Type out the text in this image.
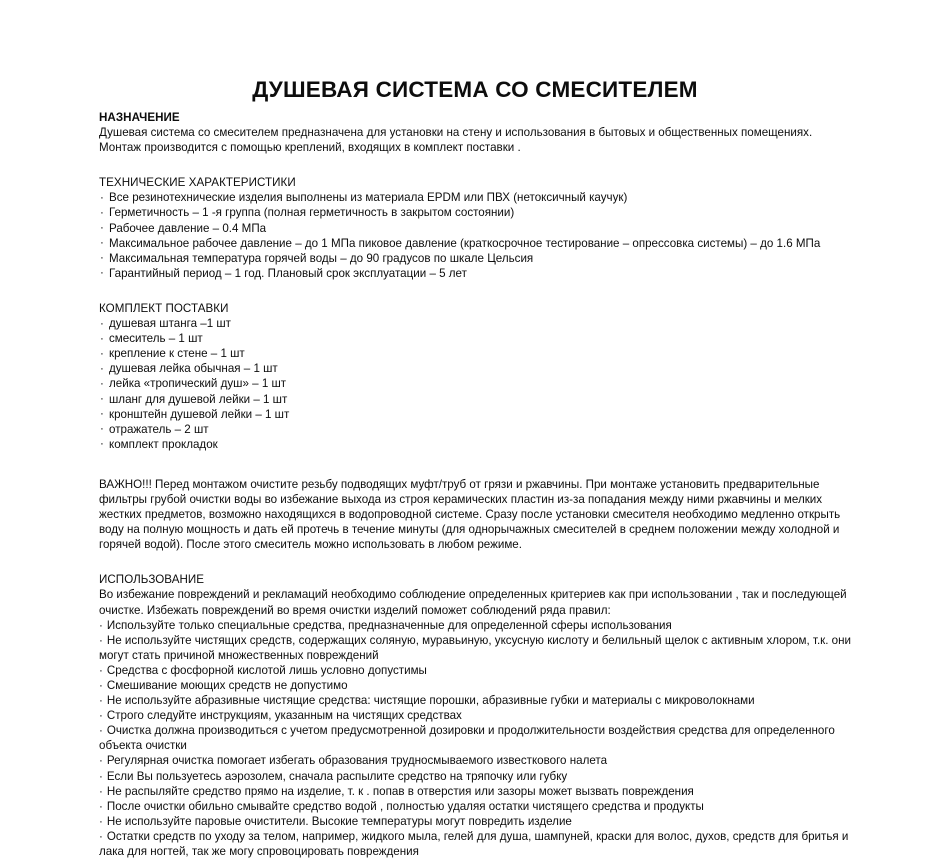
ДУШЕВАЯ СИСТЕМА СО СМЕСИТЕЛЕМ
НАЗНАЧЕНИЕ

Душевая система со смесителем предназначена для установки на стену и использования в бытовых и общественных помещениях. Монтаж производится с помощью креплений, входящих в комплект поставки .

ТЕХНИЧЕСКИЕ ХАРАКТЕРИСТИКИ
· Все резинотехнические изделия выполнены из материала EPDM или ПВХ (нетоксичный каучук)
· Герметичность – 1 -я группа (полная герметичность в закрытом состоянии)
· Рабочее давление – 0.4 МПа
· Максимальное рабочее давление – до 1 МПа пиковое давление (краткосрочное тестирование – опрессовка системы) – до 1.6 МПа
· Максимальная температура горячей воды – до 90 градусов по шкале Цельсия
· Гарантийный период – 1 год. Плановый срок эксплуатации – 5 лет
КОМПЛЕКТ ПОСТАВКИ
· душевая штанга –1 шт
· смеситель – 1 шт
· крепление к стене – 1 шт
· душевая лейка обычная – 1 шт
· лейка «тропический душ» – 1 шт
· шланг для душевой лейки – 1 шт
· кронштейн душевой лейки – 1 шт
· отражатель – 2 шт
· комплект прокладок

ВАЖНО!!! Перед монтажом очистите резьбу подводящих муфт/труб от грязи и ржавчины. При монтаже установить предварительные фильтры грубой очистки воды во избежание выхода из строя керамических пластин из-за попадания между ними ржавчины и мелких жестких предметов, возможно находящихся в водопроводной системе. Сразу после установки смесителя необходимо медленно открыть воду на полную мощность и дать ей протечь в течение минуты (для однорычажных смесителей в среднем положении между холодной и горячей водой). После этого смеситель можно использовать в любом режиме.

ИСПОЛЬЗОВАНИЕ

Во избежание повреждений и рекламаций необходимо соблюдение определенных критериев как при использовании , так и последующей очистке. Избежать повреждений во время очистки изделий поможет соблюдений ряда правил:

· Используйте только специальные средства, предназначенные для определенной сферы использования
· Не используйте чистящих средств, содержащих соляную, муравьиную, уксусную кислоту и белильный щелок с активным хлором, т.к. они могут стать причиной множественных повреждений
· Средства с фосфорной кислотой лишь условно допустимы
· Смешивание моющих средств не допустимо
· Не используйте абразивные чистящие средства: чистящие порошки, абразивные губки и материалы с микроволокнами
· Строго следуйте инструкциям, указанным на чистящих средствах
· Очистка должна производиться с учетом предусмотренной дозировки и продолжительности воздействия средства для определенного объекта очистки
· Регулярная очистка помогает избегать образования трудносмываемого известкового налета
· Если Вы пользуетесь аэрозолем, сначала распылите средство на тряпочку или губку
· Не распыляйте средство прямо на изделие, т. к . попав в отверстия или зазоры может вызвать повреждения
· После очистки обильно смывайте средство водой , полностью удаляя остатки чистящего средства и продукты
· Не используйте паровые очистители. Высокие температуры могут повредить изделие
· Остатки средств по уходу за телом, например, жидкого мыла, гелей для душа, шампуней, краски для волос, духов, средств для бритья и лака для ногтей, так же могу спровоцировать повреждения
